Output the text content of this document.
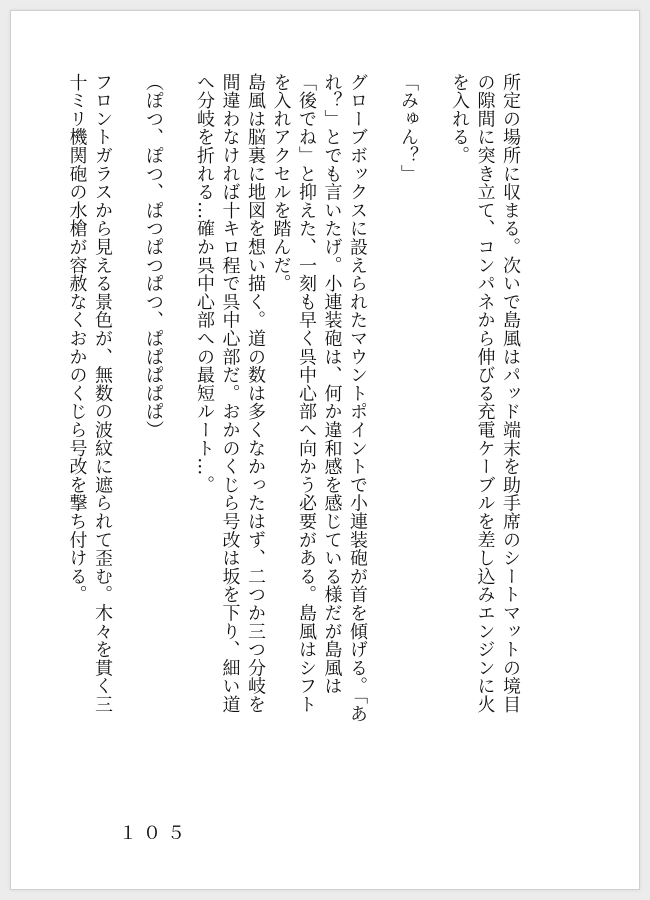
所定の場所に収まる。次いで島風はパッド端末を助手席のシートマットの境目の隙間に突き立て、コンパネから伸びる充電ケーブルを差し込みエンジンに火を入れる。

「みゅん？」

グローブボックスに設えられたマウントポイントで小連装砲が首を傾げる。「あれ？」とでも言いたげ。小連装砲は、何か違和感を感じている様だが島風は「後でね」と抑えた、一刻も早く呉中心部へ向かう必要がある。島風はシフトを入れアクセルを踏んだ。

島風は脳裏に地図を想い描く。道の数は多くなかったはず、二つか三つ分岐を間違わなければ十キロ程で呉中心部だ。おかのくじら号改は坂を下り、細い道へ分岐を折れる…確か呉中心部への最短ルート…。

（ぽつ、ぽつ、ぱつぱつぱつ、ぱぱぱぱぱ）

フロントガラスから見える景色が、無数の波紋に遮られて歪む。木々を貫く三十ミリ機関砲の水槍が容赦なくおかのくじら号改を撃ち付ける。

１０５
